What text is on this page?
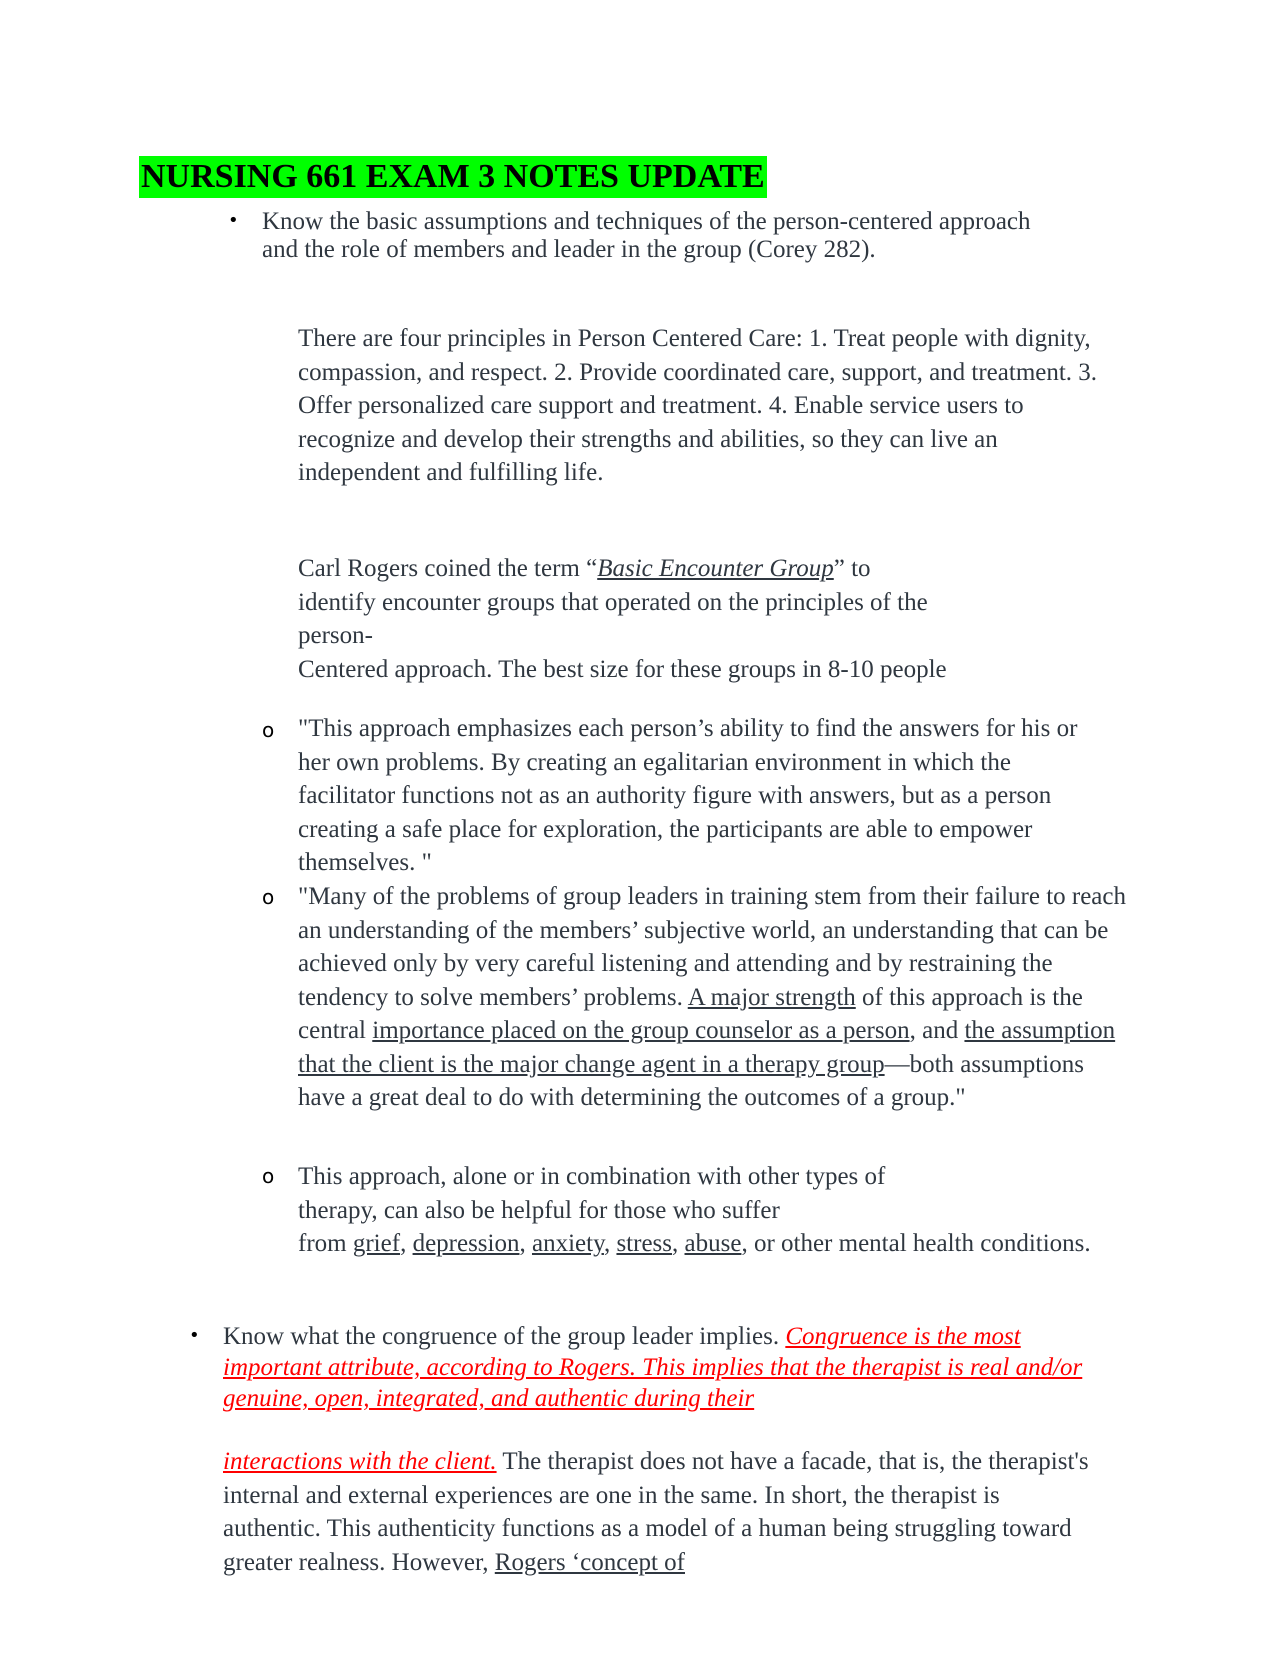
NURSING 661 EXAM 3 NOTES UPDATE
• Know the basic assumptions and techniques of the person-centered approach and the role of members and leader in the group (Corey 282).

There are four principles in Person Centered Care: 1. Treat people with dignity, compassion, and respect. 2. Provide coordinated care, support, and treatment. 3. Offer personalized care support and treatment. 4. Enable service users to recognize and develop their strengths and abilities, so they can live an independent and fulfilling life.

Carl Rogers coined the term “Basic Encounter Group” to
identify encounter groups that operated on the principles of the
person-
Centered approach. The best size for these groups in 8-10 people

o "This approach emphasizes each person’s ability to find the answers for his or her own problems. By creating an egalitarian environment in which the facilitator functions not as an authority figure with answers, but as a person creating a safe place for exploration, the participants are able to empower themselves. "

o "Many of the problems of group leaders in training stem from their failure to reach an understanding of the members’ subjective world, an understanding that can be achieved only by very careful listening and attending and by restraining the tendency to solve members’ problems. A major strength of this approach is the central importance placed on the group counselor as a person, and the assumption that the client is the major change agent in a therapy group—both assumptions have a great deal to do with determining the outcomes of a group."

o This approach, alone or in combination with other types of
therapy, can also be helpful for those who suffer
from grief, depression, anxiety, stress, abuse, or other mental health conditions.

• Know what the congruence of the group leader implies. Congruence is the most important attribute, according to Rogers. This implies that the therapist is real and/or genuine, open, integrated, and authentic during their

interactions with the client. The therapist does not have a facade, that is, the therapist's internal and external experiences are one in the same. In short, the therapist is authentic. This authenticity functions as a model of a human being struggling toward greater realness. However, Rogers ‘concept of
